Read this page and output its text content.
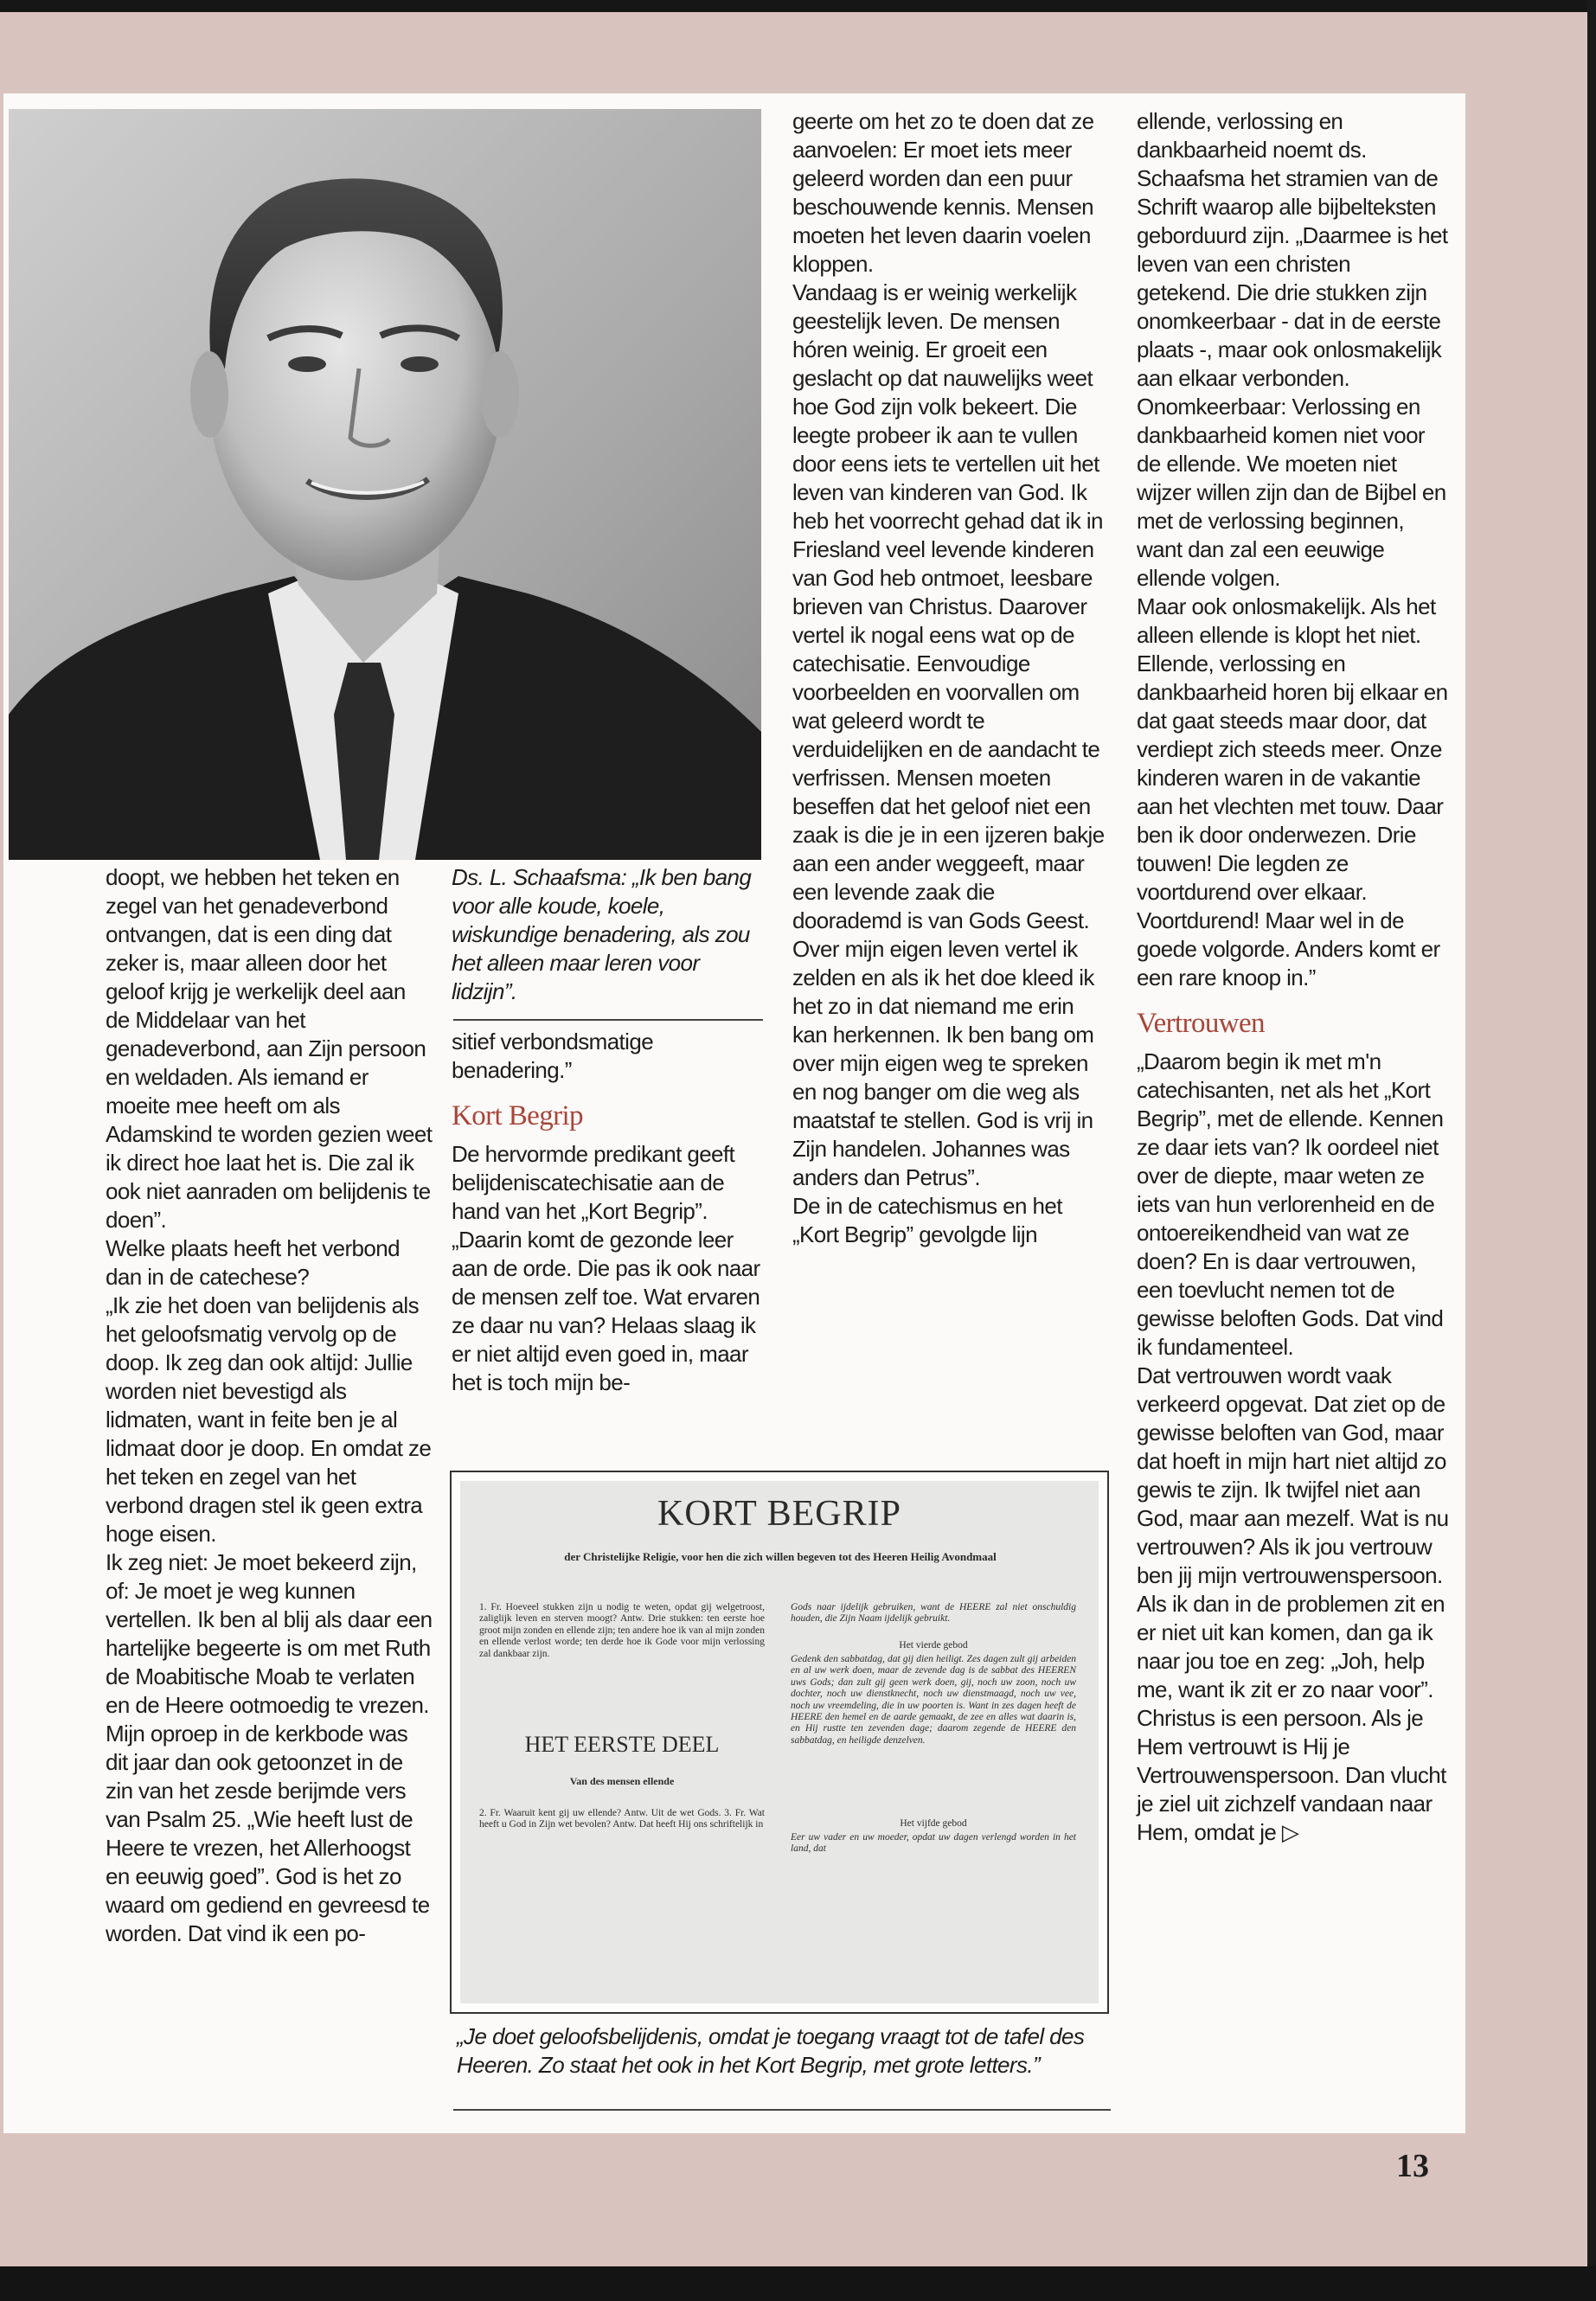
Ds. L. Schaafsma: „Ik ben bang voor alle koude, koele, wiskundige benadering, als zou het alleen maar leren voor lidzijn”.

doopt, we hebben het teken en zegel van het genadeverbond ontvangen, dat is een ding dat zeker is, maar alleen door het geloof krijg je werkelijk deel aan de Middelaar van het genadeverbond, aan Zijn persoon en weldaden. Als iemand er moeite mee heeft om als Adamskind te worden gezien weet ik direct hoe laat het is. Die zal ik ook niet aanraden om belijdenis te doen”.

Welke plaats heeft het verbond dan in de catechese?

„Ik zie het doen van belijdenis als het geloofsmatig vervolg op de doop. Ik zeg dan ook altijd: Jullie worden niet bevestigd als lidmaten, want in feite ben je al lidmaat door je doop. En omdat ze het teken en zegel van het verbond dragen stel ik geen extra hoge eisen.

Ik zeg niet: Je moet bekeerd zijn, of: Je moet je weg kunnen vertellen. Ik ben al blij als daar een hartelijke begeerte is om met Ruth de Moabitische Moab te verlaten en de Heere ootmoedig te vrezen. Mijn oproep in de kerkbode was dit jaar dan ook getoonzet in de zin van het zesde berijmde vers van Psalm 25. „Wie heeft lust de Heere te vrezen, het Allerhoogst en eeuwig goed”. God is het zo waard om gediend en gevreesd te worden. Dat vind ik een po-

sitief verbondsmatige benadering.”

Kort Begrip

De hervormde predikant geeft belijdeniscatechisatie aan de hand van het „Kort Begrip”. „Daarin komt de gezonde leer aan de orde. Die pas ik ook naar de mensen zelf toe. Wat ervaren ze daar nu van? Helaas slaag ik er niet altijd even goed in, maar het is toch mijn be-

geerte om het zo te doen dat ze aanvoelen: Er moet iets meer geleerd worden dan een puur beschouwende kennis. Mensen moeten het leven daarin voelen kloppen.

Vandaag is er weinig werkelijk geestelijk leven. De mensen hóren weinig. Er groeit een geslacht op dat nauwelijks weet hoe God zijn volk bekeert. Die leegte probeer ik aan te vullen door eens iets te vertellen uit het leven van kinderen van God. Ik heb het voorrecht gehad dat ik in Friesland veel levende kinderen van God heb ontmoet, leesbare brieven van Christus. Daarover vertel ik nogal eens wat op de catechisatie. Eenvoudige voorbeelden en voorvallen om wat geleerd wordt te verduidelijken en de aandacht te verfrissen. Mensen moeten beseffen dat het geloof niet een zaak is die je in een ijzeren bakje aan een ander weggeeft, maar een levende zaak die doorademd is van Gods Geest.

Over mijn eigen leven vertel ik zelden en als ik het doe kleed ik het zo in dat niemand me erin kan herkennen. Ik ben bang om over mijn eigen weg te spreken en nog banger om die weg als maatstaf te stellen. God is vrij in Zijn handelen. Johannes was anders dan Petrus”.

De in de catechismus en het „Kort Begrip” gevolgde lijn

ellende, verlossing en dankbaarheid noemt ds. Schaafsma het stramien van de Schrift waarop alle bijbelteksten geborduurd zijn. „Daarmee is het leven van een christen getekend. Die drie stukken zijn onomkeerbaar - dat in de eerste plaats -, maar ook onlosmakelijk aan elkaar verbonden. Onomkeerbaar: Verlossing en dankbaarheid komen niet voor de ellende. We moeten niet wijzer willen zijn dan de Bijbel en met de verlossing beginnen, want dan zal een eeuwige ellende volgen.

Maar ook onlosmakelijk. Als het alleen ellende is klopt het niet. Ellende, verlossing en dankbaarheid horen bij elkaar en dat gaat steeds maar door, dat verdiept zich steeds meer. Onze kinderen waren in de vakantie aan het vlechten met touw. Daar ben ik door onderwezen. Drie touwen! Die legden ze voortdurend over elkaar. Voortdurend! Maar wel in de goede volgorde. Anders komt er een rare knoop in.”

Vertrouwen

„Daarom begin ik met m'n catechisanten, net als het „Kort Begrip”, met de ellende. Kennen ze daar iets van? Ik oordeel niet over de diepte, maar weten ze iets van hun verlorenheid en de ontoereikendheid van wat ze doen? En is daar vertrouwen, een toevlucht nemen tot de gewisse beloften Gods. Dat vind ik fundamenteel.

Dat vertrouwen wordt vaak verkeerd opgevat. Dat ziet op de gewisse beloften van God, maar dat hoeft in mijn hart niet altijd zo gewis te zijn. Ik twijfel niet aan God, maar aan mezelf. Wat is nu vertrouwen? Als ik jou vertrouw ben jij mijn vertrouwenspersoon. Als ik dan in de problemen zit en er niet uit kan komen, dan ga ik naar jou toe en zeg: „Joh, help me, want ik zit er zo naar voor”.

Christus is een persoon. Als je Hem vertrouwt is Hij je Vertrouwenspersoon. Dan vlucht je ziel uit zichzelf vandaan naar Hem, omdat je ▷

KORT BEGRIP
der Christelijke Religie, voor hen die zich willen begeven tot des Heeren Heilig Avondmaal
1. Fr. Hoeveel stukken zijn u nodig te weten, opdat gij welgetroost, zaliglijk leven en sterven moogt? Antw. Drie stukken: ten eerste hoe groot mijn zonden en ellende zijn; ten andere hoe ik van al mijn zonden en ellende verlost worde; ten derde hoe ik Gode voor mijn verlossing zal dankbaar zijn.
HET EERSTE DEEL
Van des mensen ellende
2. Fr. Waaruit kent gij uw ellende? Antw. Uit de wet Gods. 3. Fr. Wat heeft u God in Zijn wet bevolen? Antw. Dat heeft Hij ons schriftelijk in
Gods naar ijdelijk gebruiken, want de HEERE zal niet onschuldig houden, die Zijn Naam ijdelijk gebruikt.
Het vierde gebod
Gedenk den sabbatdag, dat gij dien heiligt. Zes dagen zult gij arbeiden en al uw werk doen, maar de zevende dag is de sabbat des HEEREN uws Gods; dan zult gij geen werk doen, gij, noch uw zoon, noch uw dochter, noch uw dienstknecht, noch uw dienstmaagd, noch uw vee, noch uw vreemdeling, die in uw poorten is. Want in zes dagen heeft de HEERE den hemel en de aarde gemaakt, de zee en alles wat daarin is, en Hij rustte ten zevenden dage; daarom zegende de HEERE den sabbatdag, en heiligde denzelven.
Het vijfde gebod
Eer uw vader en uw moeder, opdat uw dagen verlengd worden in het land, dat
„Je doet geloofsbelijdenis, omdat je toegang vraagt tot de tafel des Heeren. Zo staat het ook in het Kort Begrip, met grote letters.”
13
